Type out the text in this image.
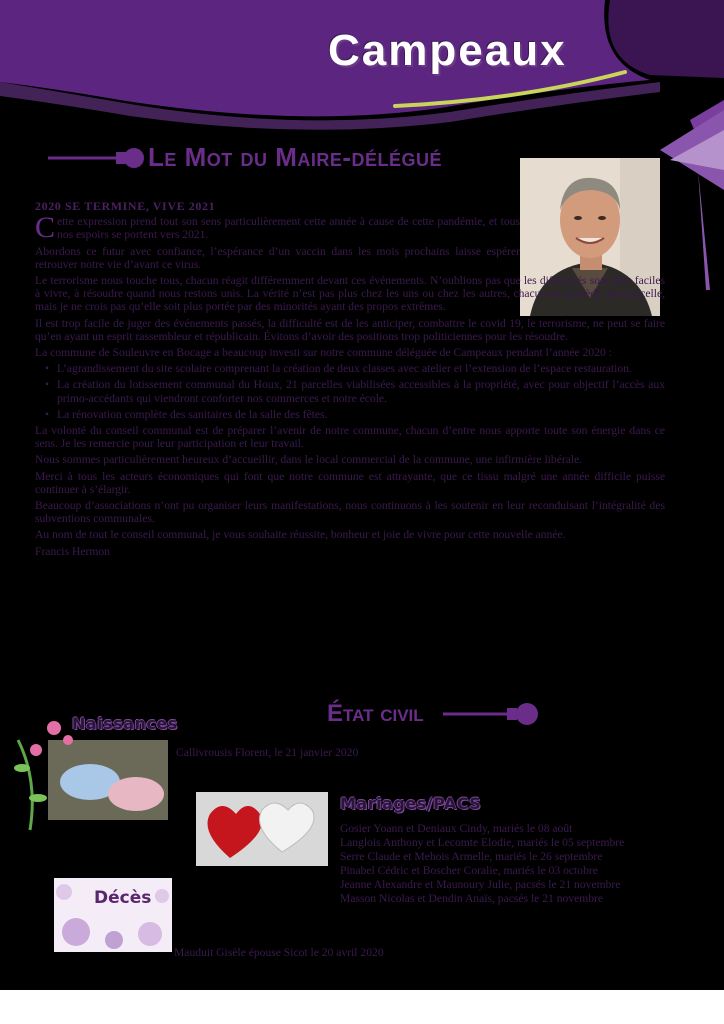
Campeaux
Le Mot du Maire-délégué
2020 SE TERMINE, VIVE 2021

Cette expression prend tout son sens particulièrement cette année à cause de cette pandémie, et tous nos espoirs se portent vers 2021.

Abordons ce futur avec confiance, l’espérance d’un vaccin dans les mois prochains laisse espérer retrouver notre vie d’avant ce virus.

Le terrorisme nous touche tous, chacun réagit différemment devant ces événements. N’oublions pas que les difficultés sont plus faciles à vivre, à résoudre quand nous restons unis. La vérité n’est pas plus chez les uns ou chez les autres, chacun en possède une parcelle, mais je ne crois pas qu’elle soit plus portée par des minorités ayant des propos extrêmes.

Il est trop facile de juger des événements passés, la difficulté est de les anticiper, combattre le covid 19, le terrorisme, ne peut se faire qu’en ayant un esprit rassembleur et républicain. Évitons d’avoir des positions trop politiciennes pour les résoudre.

La commune de Souleuvre en Bocage a beaucoup investi sur notre commune déléguée de Campeaux pendant l’année 2020 :

• L’agrandissement du site scolaire comprenant la création de deux classes avec atelier et l’extension de l’espace restauration.
• La création du lotissement communal du Houx, 21 parcelles viabilisées accessibles à la propriété, avec pour objectif l’accès aux primo-accédants qui viendront conforter nos commerces et notre école.
• La rénovation complète des sanitaires de la salle des fêtes.

La volonté du conseil communal est de préparer l’avenir de notre commune, chacun d’entre nous apporte toute son énergie dans ce sens. Je les remercie pour leur participation et leur travail.

Nous sommes particulièrement heureux d’accueillir, dans le local commercial de la commune, une infirmière libérale.

Merci à tous les acteurs économiques qui font que notre commune est attrayante, que ce tissu malgré une année difficile puisse continuer à s’élargir.

Beaucoup d’associations n’ont pu organiser leurs manifestations, nous continuons à les soutenir en leur reconduisant l’intégralité des subventions communales.

Au nom de tout le conseil communal, je vous souhaite réussite, bonheur et joie de vivre pour cette nouvelle année.

Francis Hermon

État civil
Naissances
Callivrousis Florent, le 21 janvier 2020
Mariages/PACS
Gosier Yoann et Deniaux Cindy, mariés le 08 août
Langlois Anthony et Lecomte Elodie, mariés le 05 septembre
Serre Claude et Mehois Armelle, mariés le 26 septembre
Pinabel Cédric et Boscher Coralie, mariés le 03 octobre
Jeanne Alexandre et Maunoury Julie, pacsés le 21 novembre
Masson Nicolas et Dendin Anaïs, pacsés le 21 novembre
Décès
Mauduit Gisèle épouse Sicot le 20 avril 2020
